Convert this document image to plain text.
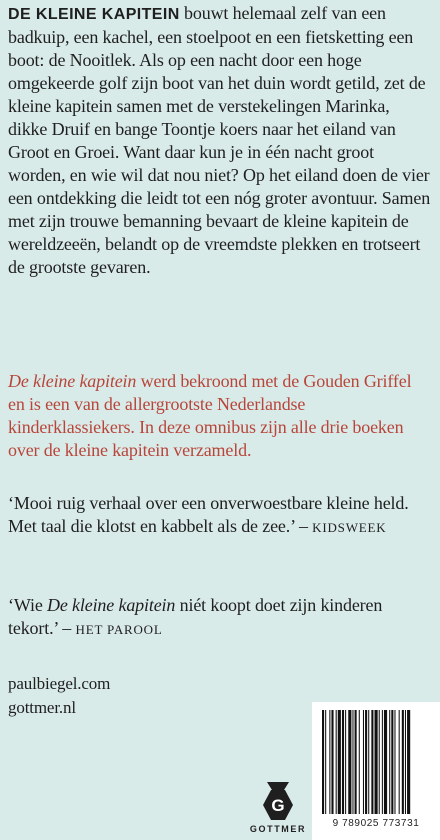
DE KLEINE KAPITEIN bouwt helemaal zelf van een badkuip, een kachel, een stoelpoot en een fietsketting een boot: de Nooitlek. Als op een nacht door een hoge omgekeerde golf zijn boot van het duin wordt getild, zet de kleine kapitein samen met de verstekelingen Marinka, dikke Druif en bange Toontje koers naar het eiland van Groot en Groei. Want daar kun je in één nacht groot worden, en wie wil dat nou niet? Op het eiland doen de vier een ontdekking die leidt tot een nóg groter avontuur. Samen met zijn trouwe bemanning bevaart de kleine kapitein de wereldzeeën, belandt op de vreemdste plekken en trotseert de grootste gevaren.

De kleine kapitein werd bekroond met de Gouden Griffel en is een van de allergrootste Nederlandse kinderklassiekers. In deze omnibus zijn alle drie boeken over de kleine kapitein verzameld.

‘Mooi ruig verhaal over een onverwoestbare kleine held. Met taal die klotst en kabbelt als de zee.’ – KIDSWEEK

‘Wie De kleine kapitein niét koopt doet zijn kinderen tekort.’ – HET PAROOL

paulbiegel.com
gottmer.nl
G
GOTTMER	9 789025 773731
